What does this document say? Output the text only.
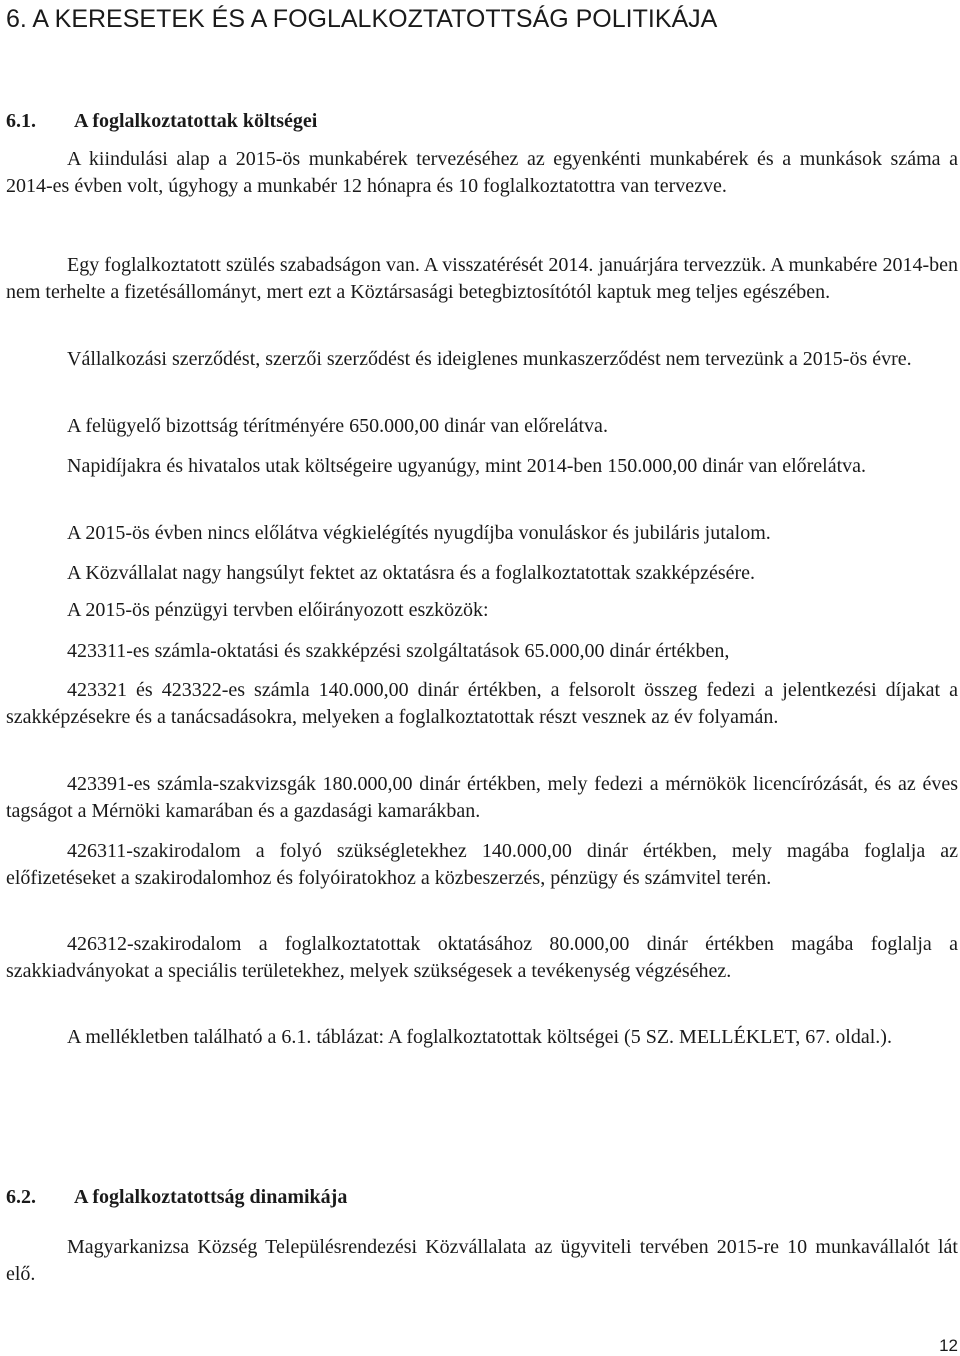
6. A KERESETEK ÉS A FOGLALKOZTATOTTSÁG POLITIKÁJA
6.1. A foglalkoztatottak költségei

A kiindulási alap a 2015-ös munkabérek tervezéséhez az egyenkénti munkabérek és a munkások száma a 2014-es évben volt, úgyhogy a munkabér 12 hónapra és 10 foglalkoztatottra van tervezve.

Egy foglalkoztatott szülés szabadságon van. A visszatérését 2014. januárjára tervezzük. A munkabére 2014-ben nem terhelte a fizetésállományt, mert ezt a Köztársasági betegbiztosítótól kaptuk meg teljes egészében.

Vállalkozási szerződést, szerzői szerződést és ideiglenes munkaszerződést nem tervezünk a 2015-ös évre.

A felügyelő bizottság térítményére 650.000,00 dinár van előrelátva.

Napidíjakra és hivatalos utak költségeire ugyanúgy, mint 2014-ben 150.000,00 dinár van előrelátva.

A 2015-ös évben nincs előlátva végkielégítés nyugdíjba vonuláskor és jubiláris jutalom.

A Közvállalat nagy hangsúlyt fektet az oktatásra és a foglalkoztatottak szakképzésére.

A 2015-ös pénzügyi tervben előirányozott eszközök:

423311-es számla-oktatási és szakképzési szolgáltatások 65.000,00 dinár értékben,

423321 és 423322-es számla 140.000,00 dinár értékben, a felsorolt összeg fedezi a jelentkezési díjakat a szakképzésekre és a tanácsadásokra, melyeken a foglalkoztatottak részt vesznek az év folyamán.

423391-es számla-szakvizsgák 180.000,00 dinár értékben, mely fedezi a mérnökök licencírózását, és az éves tagságot a Mérnöki kamarában és a gazdasági kamarákban.

426311-szakirodalom a folyó szükségletekhez 140.000,00 dinár értékben, mely magába foglalja az előfizetéseket a szakirodalomhoz és folyóiratokhoz a közbeszerzés, pénzügy és számvitel terén.

426312-szakirodalom a foglalkoztatottak oktatásához 80.000,00 dinár értékben magába foglalja a szakkiadványokat a speciális területekhez, melyek szükségesek a tevékenység végzéséhez.

A mellékletben található a 6.1. táblázat: A foglalkoztatottak költségei (5 SZ. MELLÉKLET, 67. oldal.).

6.2. A foglalkoztatottság dinamikája

Magyarkanizsa Község Településrendezési Közvállalata az ügyviteli tervében 2015-re 10 munkavállalót lát elő.

12
